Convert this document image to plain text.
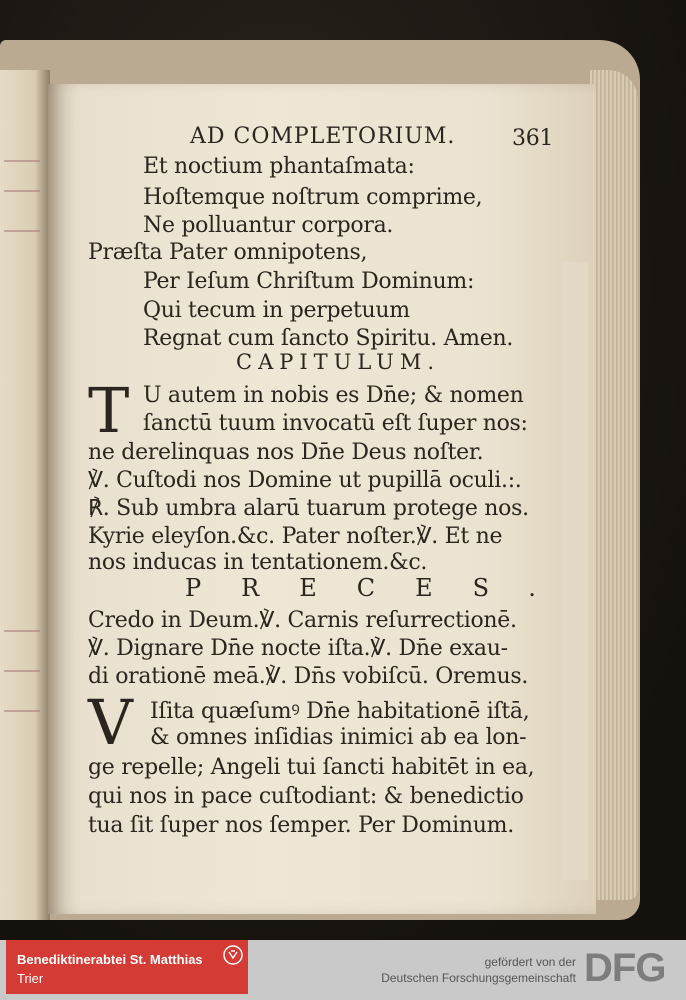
AD COMPLETORIUM.	361
Et noctium phantaſmata:
Hoſtemque noſtrum comprime,
Ne polluantur corpora.
Præſta Pater omnipotens,
Per Ieſum Chriſtum Dominum:
Qui tecum in perpetuum
Regnat cum ſancto Spiritu. Amen.
CAPITULUM.
T U autem in nobis es Dn̄e; & nomen
ſanctū tuum invocatū eſt ſuper nos:
ne derelinquas nos Dn̄e Deus noſter.
℣. Cuſtodi nos Domine ut pupillā oculi.:.
℟. Sub umbra alarū tuarum protege nos.
Kyrie eleyſon.&c. Pater noſter.℣. Et ne
nos inducas in tentationem.&c.
PRECES.
Credo in Deum.℣. Carnis reſurrectionē.
℣. Dignare Dn̄e nocte iſta.℣. Dn̄e exau-
di orationē meā.℣. Dn̄s vobiſcū. Oremus.
V Iſita quæſumꝰ Dn̄e habitationē iſtā,
& omnes inſidias inimici ab ea lon-
ge repelle; Angeli tui ſancti habitēt in ea,
qui nos in pace cuſtodiant: & benedictio
tua ſit ſuper nos ſemper. Per Dominum.
Benediktinerabtei St. Matthias
Trier
gefördert von der
Deutschen Forschungsgemeinschaft DFG
